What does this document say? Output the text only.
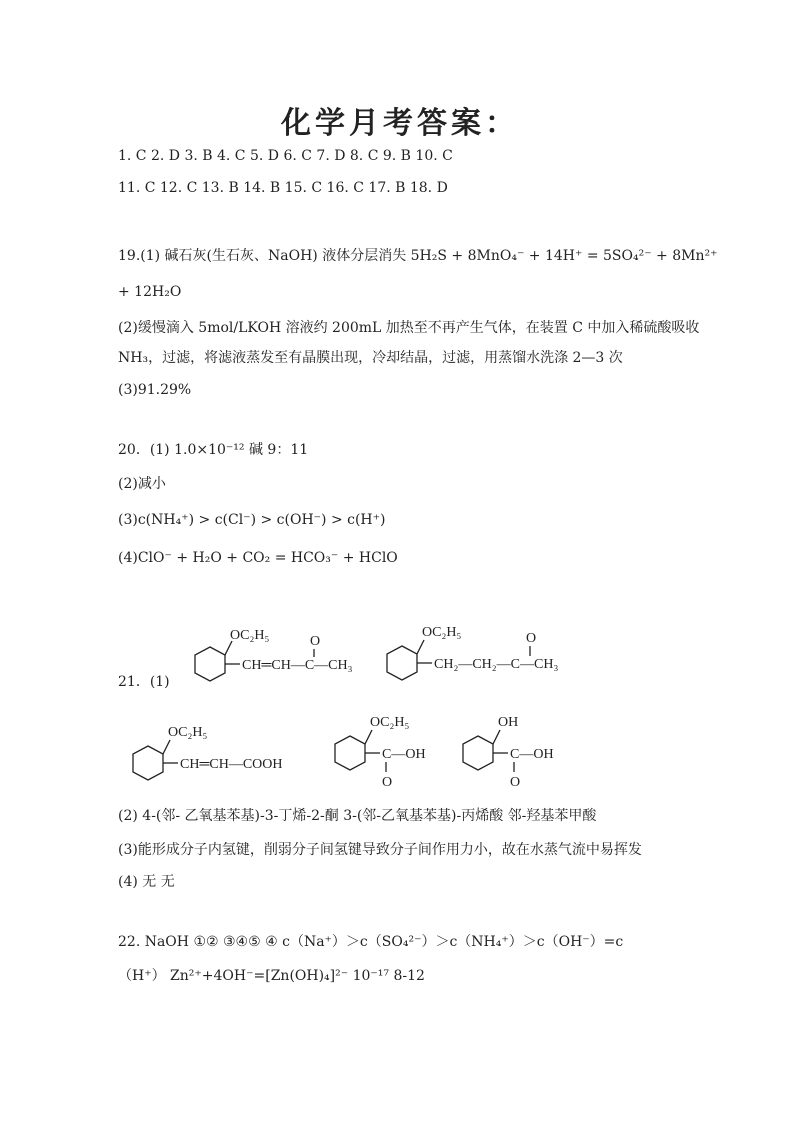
化学月考答案：
1. C 2. D 3. B 4. C 5. D 6. C 7. D 8. C 9. B 10. C
11. C 12. C 13. B 14. B 15. C 16. C 17. B 18. D
19.(1) 碱石灰(生石灰、NaOH) 液体分层消失 5H₂S + 8MnO₄⁻ + 14H⁺ = 5SO₄²⁻ + 8Mn²⁺
+ 12H₂O
(2)缓慢滴入 5mol/LKOH 溶液约 200mL 加热至不再产生气体，在装置 C 中加入稀硫酸吸收
NH₃，过滤，将滤液蒸发至有晶膜出现，冷却结晶，过滤，用蒸馏水洗涤 2—3 次
(3)91.29%
20．(1) 1.0×10⁻¹² 碱 9：11
(2)减小
(3)c(NH₄⁺) > c(Cl⁻) > c(OH⁻) > c(H⁺)
(4)ClO⁻ + H₂O + CO₂ = HCO₃⁻ + HClO
21．(1)
OC₂H₅
CH═CH—C—CH₃
O
OC₂H₅
CH₂—CH₂—C—CH₃
O
OC₂H₅
CH═CH—COOH
OC₂H₅
C—OH
O
OH
C—OH
O
(2) 4-(邻- 乙氧基苯基)-3-丁烯-2-酮 3-(邻-乙氧基苯基)-丙烯酸 邻-羟基苯甲酸
(3)能形成分子内氢键，削弱分子间氢键导致分子间作用力小，故在水蒸气流中易挥发
(4) 无 无
22. NaOH ①② ③④⑤ ④ c（Na⁺）＞c（SO₄²⁻）＞c（NH₄⁺）＞c（OH⁻）=c
（H⁺） Zn²⁺+4OH⁻=[Zn(OH)₄]²⁻ 10⁻¹⁷ 8-12
